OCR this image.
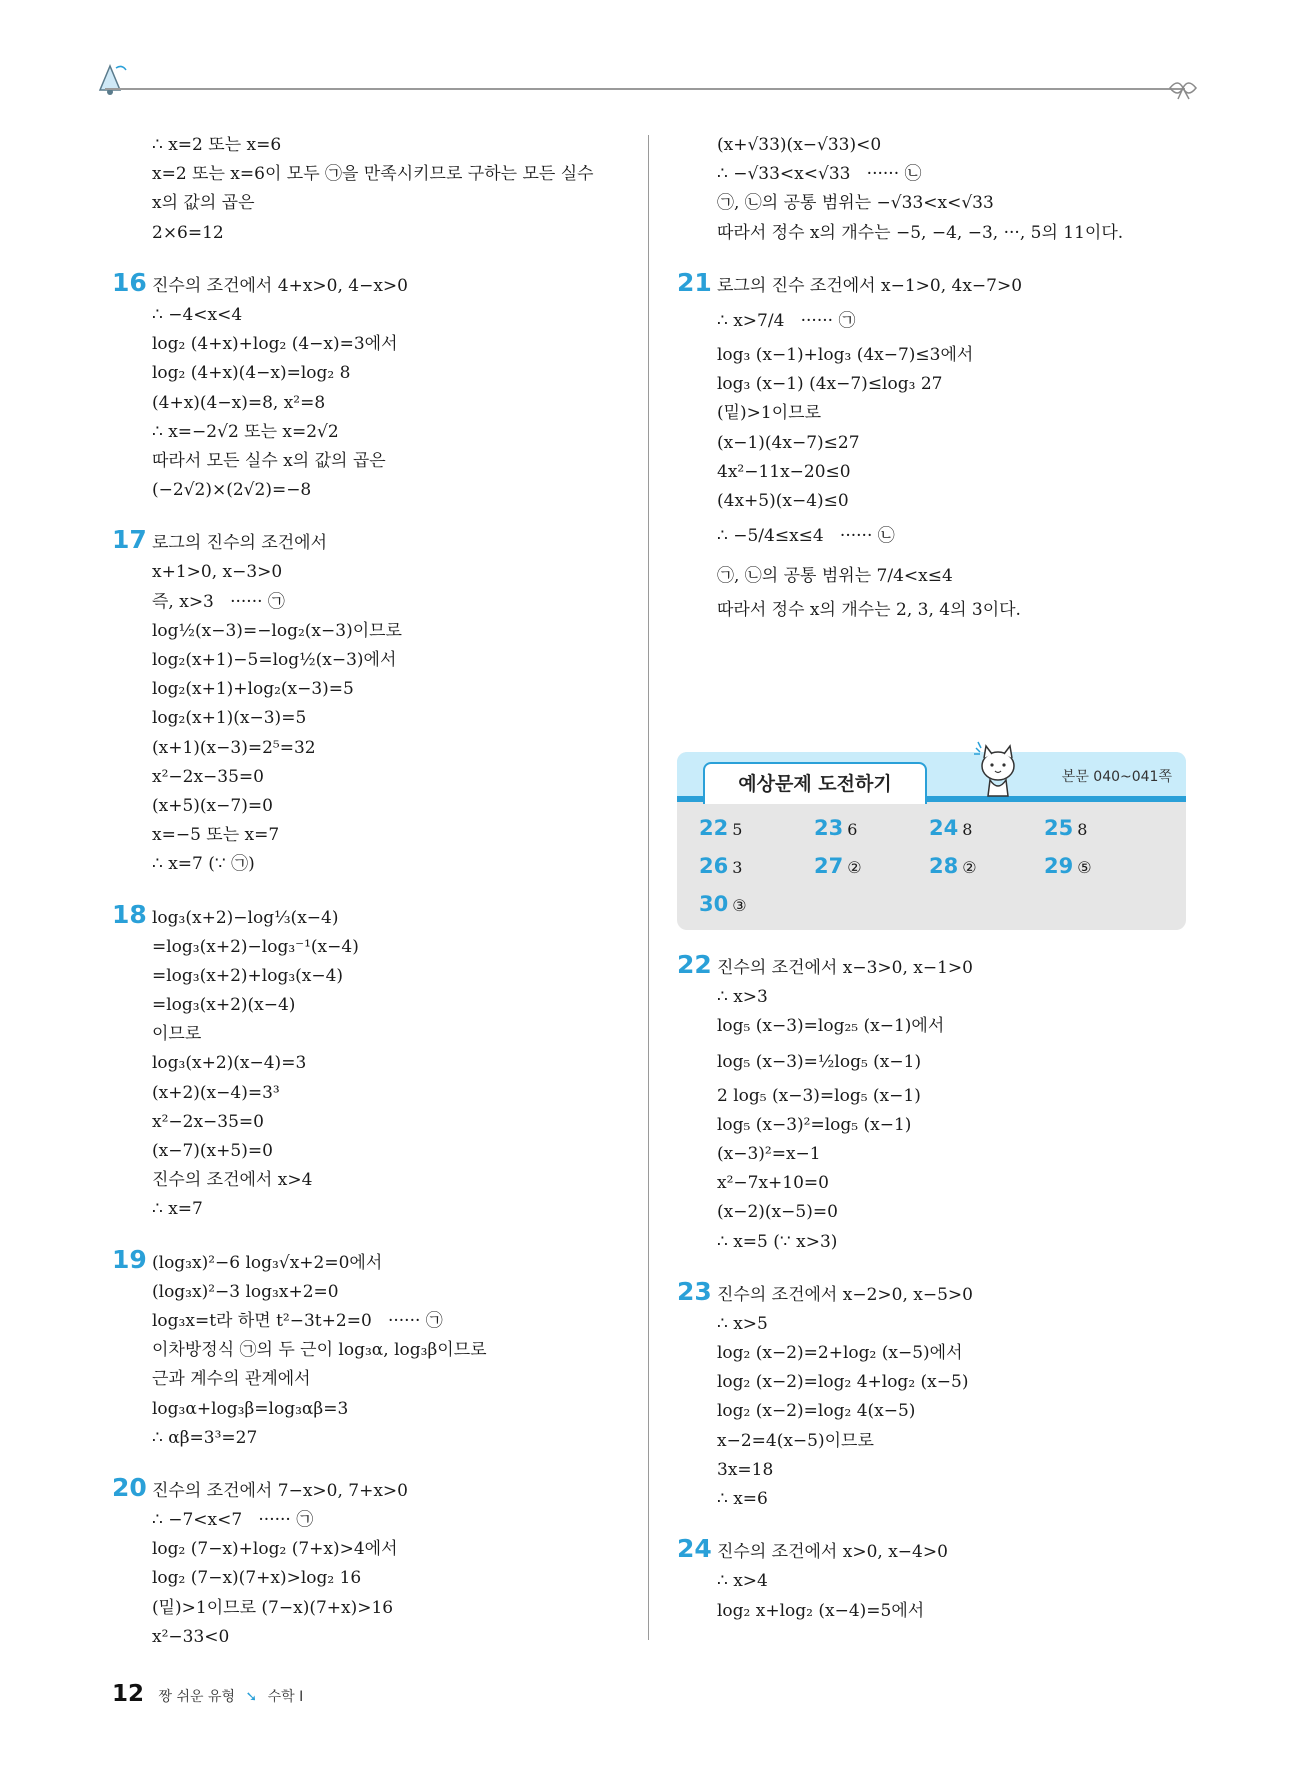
∴ x=2 또는 x=6
x=2 또는 x=6이 모두 ㉠을 만족시키므로 구하는 모든 실수
x의 값의 곱은
2×6=12
16 진수의 조건에서 4+x>0, 4−x>0
∴ −4<x<4
log₂ (4+x)+log₂ (4−x)=3에서
log₂ (4+x)(4−x)=log₂ 8
(4+x)(4−x)=8, x²=8
∴ x=−2√2 또는 x=2√2
따라서 모든 실수 x의 값의 곱은
(−2√2)×(2√2)=−8
17 로그의 진수의 조건에서
x+1>0, x−3>0
즉, x>3   ······ ㉠
log½(x−3)=−log₂(x−3)이므로
log₂(x+1)−5=log½(x−3)에서
log₂(x+1)+log₂(x−3)=5
log₂(x+1)(x−3)=5
(x+1)(x−3)=2⁵=32
x²−2x−35=0
(x+5)(x−7)=0
x=−5 또는 x=7
∴ x=7 (∵ ㉠)
18 log₃(x+2)−log⅓(x−4)
=log₃(x+2)−log₃⁻¹(x−4)
=log₃(x+2)+log₃(x−4)
=log₃(x+2)(x−4)
이므로
log₃(x+2)(x−4)=3
(x+2)(x−4)=3³
x²−2x−35=0
(x−7)(x+5)=0
진수의 조건에서 x>4
∴ x=7
19 (log₃x)²−6 log₃√x+2=0에서
(log₃x)²−3 log₃x+2=0
log₃x=t라 하면 t²−3t+2=0   ······ ㉠
이차방정식 ㉠의 두 근이 log₃α, log₃β이므로
근과 계수의 관계에서
log₃α+log₃β=log₃αβ=3
∴ αβ=3³=27
20 진수의 조건에서 7−x>0, 7+x>0
∴ −7<x<7   ······ ㉠
log₂ (7−x)+log₂ (7+x)>4에서
log₂ (7−x)(7+x)>log₂ 16
(밑)>1이므로 (7−x)(7+x)>16
x²−33<0
(x+√33)(x−√33)<0
∴ −√33<x<√33   ······ ㉡
㉠, ㉡의 공통 범위는 −√33<x<√33
따라서 정수 x의 개수는 −5, −4, −3, ···, 5의 11이다.
21 로그의 진수 조건에서 x−1>0, 4x−7>0
∴ x>7/4   ······ ㉠
log₃ (x−1)+log₃ (4x−7)≤3에서
log₃ (x−1) (4x−7)≤log₃ 27
(밑)>1이므로
(x−1)(4x−7)≤27
4x²−11x−20≤0
(4x+5)(x−4)≤0
∴ −5/4≤x≤4   ······ ㉡
㉠, ㉡의 공통 범위는 7/4<x≤4
따라서 정수 x의 개수는 2, 3, 4의 3이다.
예상문제 도전하기	본문 040~041쪽
22 5	23 6	24 8	25 8
26 3	27 ②	28 ②	29 ⑤
30 ③
22 진수의 조건에서 x−3>0, x−1>0
∴ x>3
log₅ (x−3)=log₂₅ (x−1)에서
log₅ (x−3)=½log₅ (x−1)
2 log₅ (x−3)=log₅ (x−1)
log₅ (x−3)²=log₅ (x−1)
(x−3)²=x−1
x²−7x+10=0
(x−2)(x−5)=0
∴ x=5 (∵ x>3)
23 진수의 조건에서 x−2>0, x−5>0
∴ x>5
log₂ (x−2)=2+log₂ (x−5)에서
log₂ (x−2)=log₂ 4+log₂ (x−5)
log₂ (x−2)=log₂ 4(x−5)
x−2=4(x−5)이므로
3x=18
∴ x=6
24 진수의 조건에서 x>0, x−4>0
∴ x>4
log₂ x+log₂ (x−4)=5에서
12 짱 쉬운 유형 ➘ 수학 I
